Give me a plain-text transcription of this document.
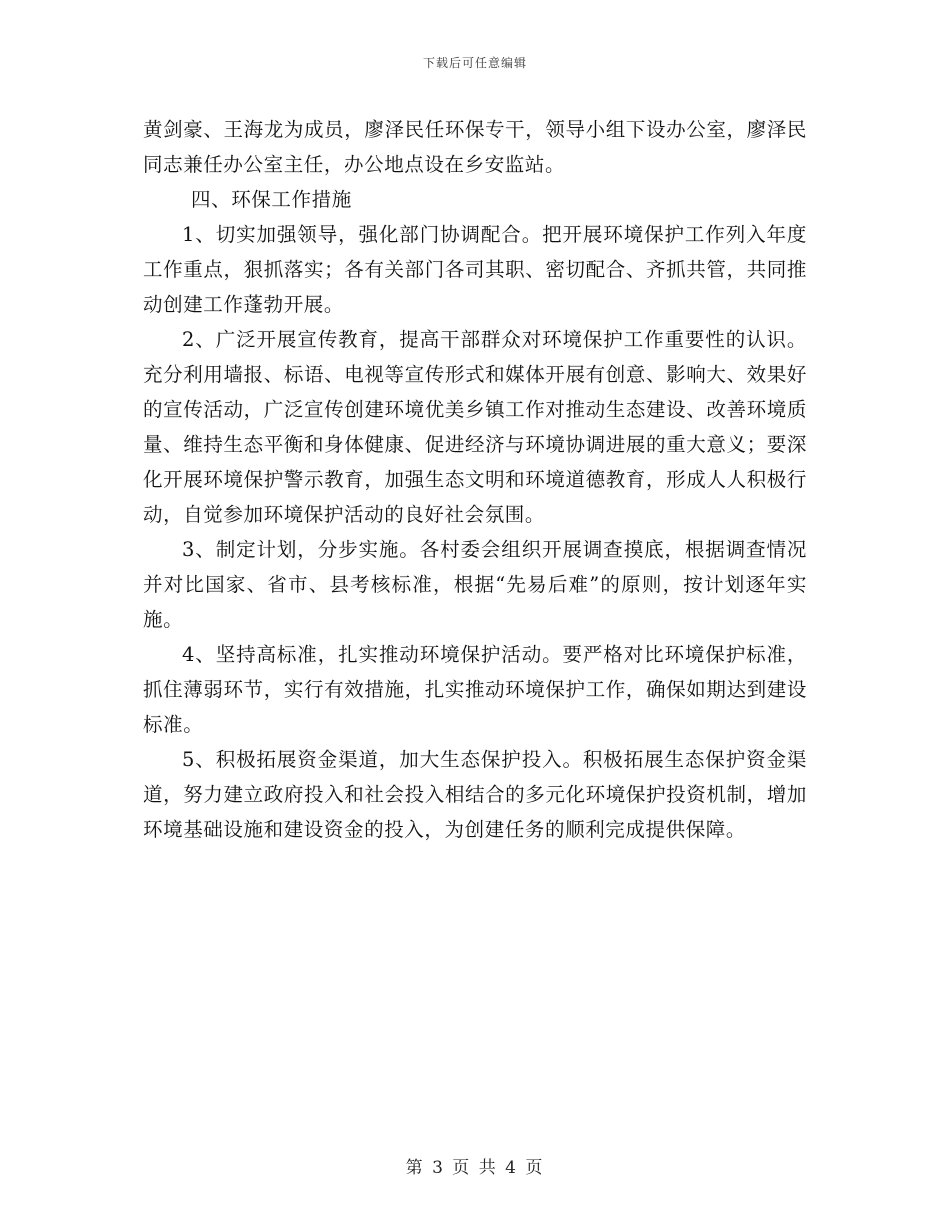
下载后可任意编辑

黄剑豪、王海龙为成员，廖泽民任环保专干，领导小组下设办公室，廖泽民同志兼任办公室主任，办公地点设在乡安监站。

四、环保工作措施

1、切实加强领导，强化部门协调配合。把开展环境保护工作列入年度工作重点，狠抓落实；各有关部门各司其职、密切配合、齐抓共管，共同推动创建工作蓬勃开展。

2、广泛开展宣传教育，提高干部群众对环境保护工作重要性的认识。充分利用墙报、标语、电视等宣传形式和媒体开展有创意、影响大、效果好的宣传活动，广泛宣传创建环境优美乡镇工作对推动生态建设、改善环境质量、维持生态平衡和身体健康、促进经济与环境协调进展的重大意义；要深化开展环境保护警示教育，加强生态文明和环境道德教育，形成人人积极行动，自觉参加环境保护活动的良好社会氛围。

3、制定计划，分步实施。各村委会组织开展调查摸底，根据调查情况并对比国家、省市、县考核标准，根据“先易后难”的原则，按计划逐年实施。

4、坚持高标准，扎实推动环境保护活动。要严格对比环境保护标准，抓住薄弱环节，实行有效措施，扎实推动环境保护工作，确保如期达到建设标准。

5、积极拓展资金渠道，加大生态保护投入。积极拓展生态保护资金渠道，努力建立政府投入和社会投入相结合的多元化环境保护投资机制，增加环境基础设施和建设资金的投入，为创建任务的顺利完成提供保障。

第 3 页 共 4 页
